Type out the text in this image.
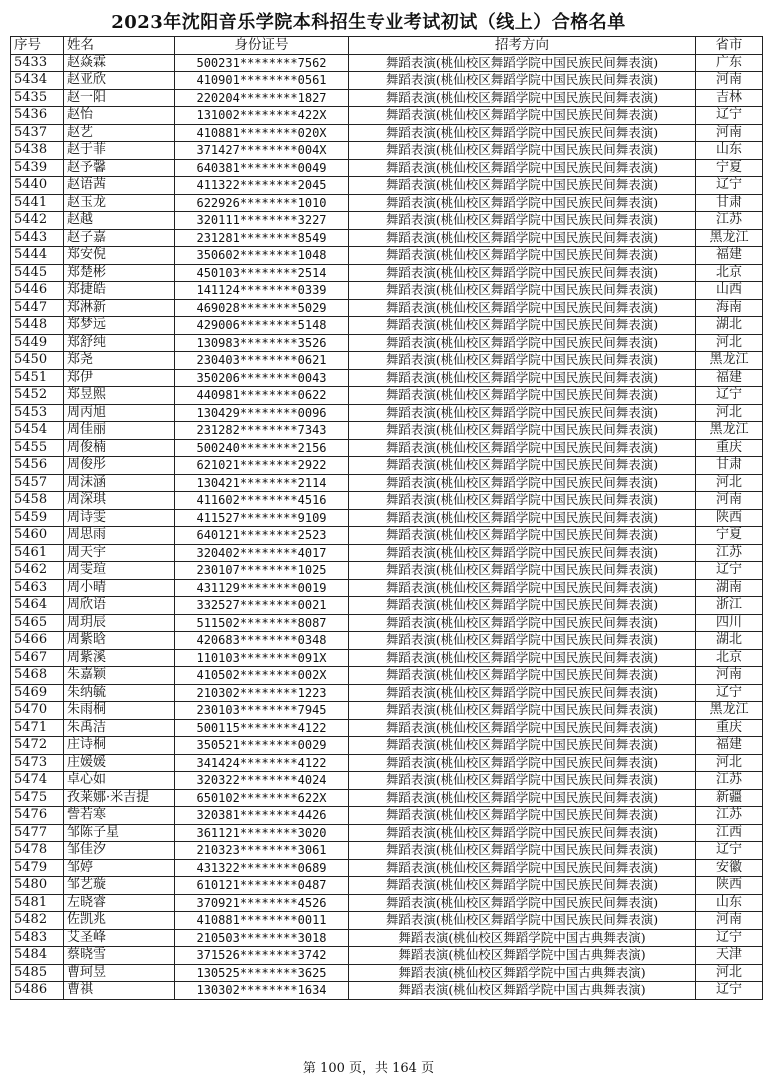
2023年沈阳音乐学院本科招生专业考试初试（线上）合格名单
序号	姓名	身份证号	招考方向	省市
5433	赵焱霖	500231********7562	舞蹈表演(桃仙校区舞蹈学院中国民族民间舞表演)	广东
5434	赵亚欣	410901********0561	舞蹈表演(桃仙校区舞蹈学院中国民族民间舞表演)	河南
5435	赵一阳	220204********1827	舞蹈表演(桃仙校区舞蹈学院中国民族民间舞表演)	吉林
5436	赵怡	131002********422X	舞蹈表演(桃仙校区舞蹈学院中国民族民间舞表演)	辽宁
5437	赵艺	410881********020X	舞蹈表演(桃仙校区舞蹈学院中国民族民间舞表演)	河南
5438	赵于菲	371427********004X	舞蹈表演(桃仙校区舞蹈学院中国民族民间舞表演)	山东
5439	赵予馨	640381********0049	舞蹈表演(桃仙校区舞蹈学院中国民族民间舞表演)	宁夏
5440	赵语茜	411322********2045	舞蹈表演(桃仙校区舞蹈学院中国民族民间舞表演)	辽宁
5441	赵玉龙	622926********1010	舞蹈表演(桃仙校区舞蹈学院中国民族民间舞表演)	甘肃
5442	赵越	320111********3227	舞蹈表演(桃仙校区舞蹈学院中国民族民间舞表演)	江苏
5443	赵子嘉	231281********8549	舞蹈表演(桃仙校区舞蹈学院中国民族民间舞表演)	黑龙江
5444	郑安倪	350602********1048	舞蹈表演(桃仙校区舞蹈学院中国民族民间舞表演)	福建
5445	郑楚彬	450103********2514	舞蹈表演(桃仙校区舞蹈学院中国民族民间舞表演)	北京
5446	郑捷皓	141124********0339	舞蹈表演(桃仙校区舞蹈学院中国民族民间舞表演)	山西
5447	郑淋新	469028********5029	舞蹈表演(桃仙校区舞蹈学院中国民族民间舞表演)	海南
5448	郑梦远	429006********5148	舞蹈表演(桃仙校区舞蹈学院中国民族民间舞表演)	湖北
5449	郑舒纯	130983********3526	舞蹈表演(桃仙校区舞蹈学院中国民族民间舞表演)	河北
5450	郑尧	230403********0621	舞蹈表演(桃仙校区舞蹈学院中国民族民间舞表演)	黑龙江
5451	郑伊	350206********0043	舞蹈表演(桃仙校区舞蹈学院中国民族民间舞表演)	福建
5452	郑昱熙	440981********0622	舞蹈表演(桃仙校区舞蹈学院中国民族民间舞表演)	辽宁
5453	周丙旭	130429********0096	舞蹈表演(桃仙校区舞蹈学院中国民族民间舞表演)	河北
5454	周佳丽	231282********7343	舞蹈表演(桃仙校区舞蹈学院中国民族民间舞表演)	黑龙江
5455	周俊楠	500240********2156	舞蹈表演(桃仙校区舞蹈学院中国民族民间舞表演)	重庆
5456	周俊彤	621021********2922	舞蹈表演(桃仙校区舞蹈学院中国民族民间舞表演)	甘肃
5457	周沫涵	130421********2114	舞蹈表演(桃仙校区舞蹈学院中国民族民间舞表演)	河北
5458	周深琪	411602********4516	舞蹈表演(桃仙校区舞蹈学院中国民族民间舞表演)	河南
5459	周诗雯	411527********9109	舞蹈表演(桃仙校区舞蹈学院中国民族民间舞表演)	陕西
5460	周思雨	640121********2523	舞蹈表演(桃仙校区舞蹈学院中国民族民间舞表演)	宁夏
5461	周天宇	320402********4017	舞蹈表演(桃仙校区舞蹈学院中国民族民间舞表演)	江苏
5462	周雯瑄	230107********1025	舞蹈表演(桃仙校区舞蹈学院中国民族民间舞表演)	辽宁
5463	周小晴	431129********0019	舞蹈表演(桃仙校区舞蹈学院中国民族民间舞表演)	湖南
5464	周欣语	332527********0021	舞蹈表演(桃仙校区舞蹈学院中国民族民间舞表演)	浙江
5465	周玥辰	511502********8087	舞蹈表演(桃仙校区舞蹈学院中国民族民间舞表演)	四川
5466	周紫晗	420683********0348	舞蹈表演(桃仙校区舞蹈学院中国民族民间舞表演)	湖北
5467	周紫溪	110103********091X	舞蹈表演(桃仙校区舞蹈学院中国民族民间舞表演)	北京
5468	朱嘉颖	410502********002X	舞蹈表演(桃仙校区舞蹈学院中国民族民间舞表演)	河南
5469	朱纳毓	210302********1223	舞蹈表演(桃仙校区舞蹈学院中国民族民间舞表演)	辽宁
5470	朱雨桐	230103********7945	舞蹈表演(桃仙校区舞蹈学院中国民族民间舞表演)	黑龙江
5471	朱禹洁	500115********4122	舞蹈表演(桃仙校区舞蹈学院中国民族民间舞表演)	重庆
5472	庄诗桐	350521********0029	舞蹈表演(桃仙校区舞蹈学院中国民族民间舞表演)	福建
5473	庄媛媛	341424********4122	舞蹈表演(桃仙校区舞蹈学院中国民族民间舞表演)	河北
5474	卓心如	320322********4024	舞蹈表演(桃仙校区舞蹈学院中国民族民间舞表演)	江苏
5475	孜莱娜·米吉提	650102********622X	舞蹈表演(桃仙校区舞蹈学院中国民族民间舞表演)	新疆
5476	訾若寒	320381********4426	舞蹈表演(桃仙校区舞蹈学院中国民族民间舞表演)	江苏
5477	邹陈子星	361121********3020	舞蹈表演(桃仙校区舞蹈学院中国民族民间舞表演)	江西
5478	邹佳汐	210323********3061	舞蹈表演(桃仙校区舞蹈学院中国民族民间舞表演)	辽宁
5479	邹婷	431322********0689	舞蹈表演(桃仙校区舞蹈学院中国民族民间舞表演)	安徽
5480	邹艺璇	610121********0487	舞蹈表演(桃仙校区舞蹈学院中国民族民间舞表演)	陕西
5481	左晓睿	370921********4526	舞蹈表演(桃仙校区舞蹈学院中国民族民间舞表演)	山东
5482	佐凯兆	410881********0011	舞蹈表演(桃仙校区舞蹈学院中国民族民间舞表演)	河南
5483	艾圣峰	210503********3018	舞蹈表演(桃仙校区舞蹈学院中国古典舞表演)	辽宁
5484	蔡晓雪	371526********3742	舞蹈表演(桃仙校区舞蹈学院中国古典舞表演)	天津
5485	曹珂昱	130525********3625	舞蹈表演(桃仙校区舞蹈学院中国古典舞表演)	河北
5486	曹祺	130302********1634	舞蹈表演(桃仙校区舞蹈学院中国古典舞表演)	辽宁
第 100 页，共 164 页
